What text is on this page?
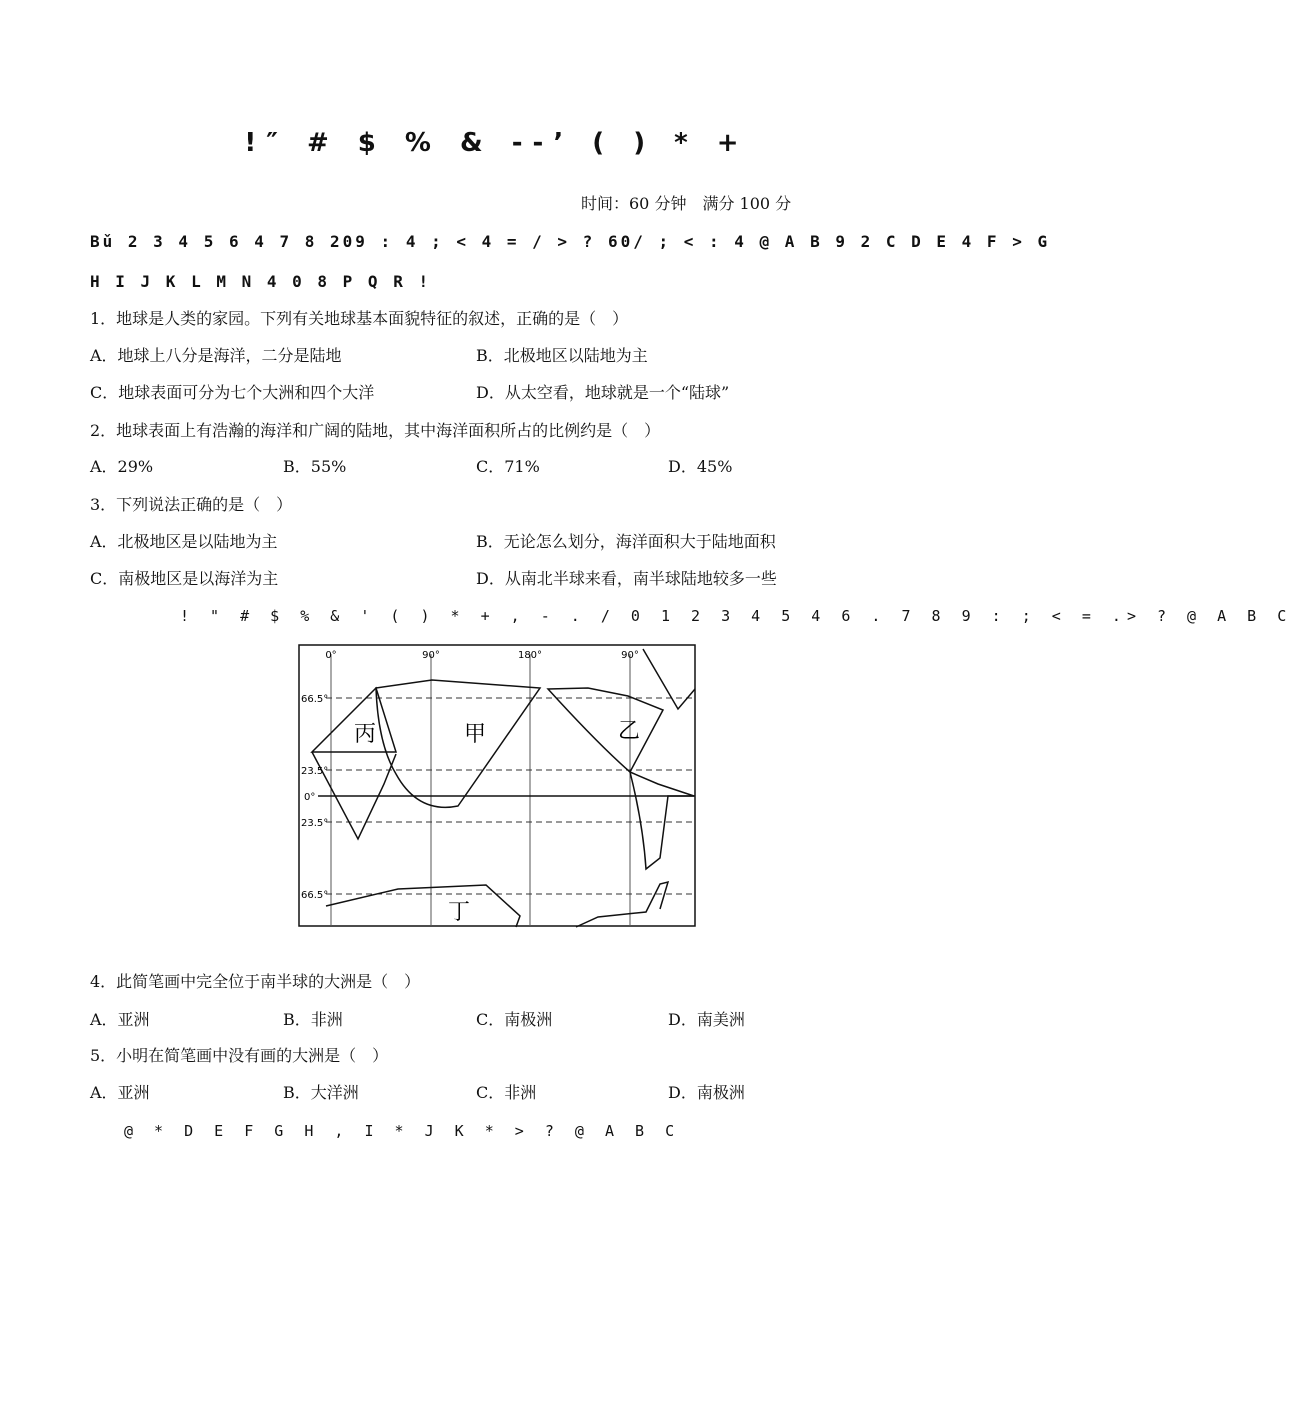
!″ # $ % & --’ ( ) * +
时间：60 分钟　满分 100 分
Bǔ 2 3 4 5 6 4 7 8 209 : 4 ; < 4 = / > ? 60/ ; < : 4 @ A B 9 2 C D E 4 F > G
H I J K L M N 4 0 8 P Q R !
1．地球是人类的家园。下列有关地球基本面貌特征的叙述，正确的是（　）
A．地球上八分是海洋，二分是陆地	B．北极地区以陆地为主
C．地球表面可分为七个大洲和四个大洋	D．从太空看，地球就是一个“陆球”
2．地球表面上有浩瀚的海洋和广阔的陆地，其中海洋面积所占的比例约是（　）
A．29%	B．55%	C．71%	D．45%
3．下列说法正确的是（　）
A．北极地区是以陆地为主	B．无论怎么划分，海洋面积大于陆地面积
C．南极地区是以海洋为主	D．从南北半球来看，南半球陆地较多一些
! " # $ % & ' ( ) * + , - . / 0 1 2 3 4 5 4 6 . 7 8 9 : ; < = .> ? @ A B C
0°	90°	180°	90°
66.5°
23.5°
0°
23.5°
66.5°
丙	甲	乙
丁
4．此简笔画中完全位于南半球的大洲是（　）
A．亚洲	B．非洲	C．南极洲	D．南美洲
5．小明在简笔画中没有画的大洲是（　）
A．亚洲	B．大洋洲	C．非洲	D．南极洲
@ * D E F G H , I * J K * > ? @ A B C
